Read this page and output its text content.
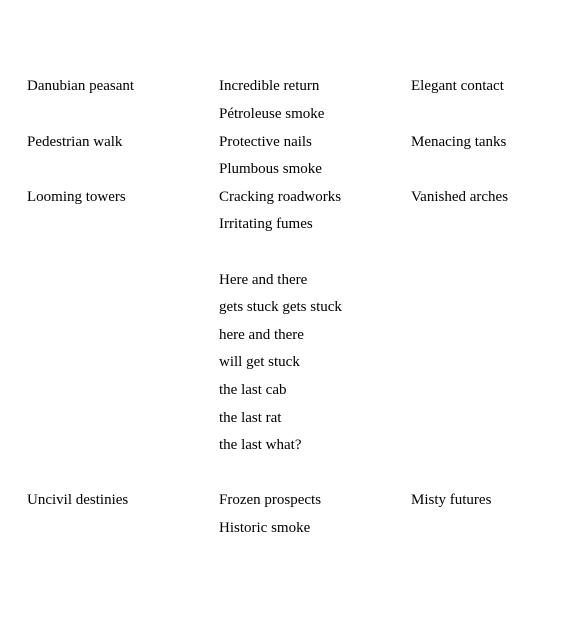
Danubian peasant	Incredible return	Elegant contact
Pétroleuse smoke
Pedestrian walk	Protective nails	Menacing tanks
Plumbous smoke
Looming towers	Cracking roadworks	Vanished arches
Irritating fumes
Here and there
gets stuck gets stuck
here and there
will get stuck
the last cab
the last rat
the last what?
Uncivil destinies	Frozen prospects	Misty futures
Historic smoke
